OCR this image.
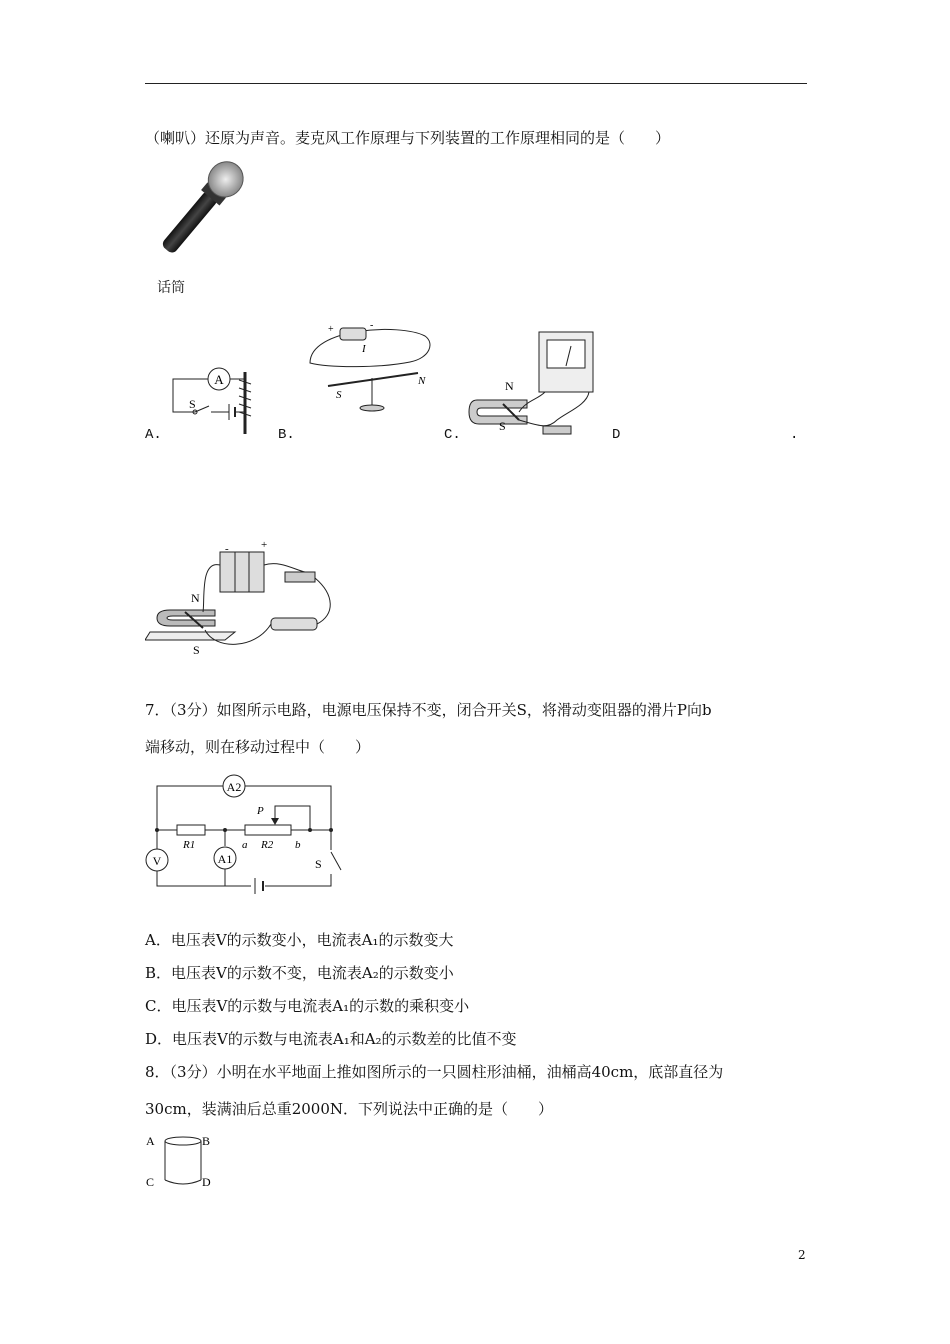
（喇叭）还原为声音。麦克风工作原理与下列装置的工作原理相同的是（　　）
话筒
A.	B.	C.	D	.
A
S
+	-
I
S
N	N
S
-	+
N
S
7．（3分）如图所示电路，电源电压保持不变，闭合开关S，将滑动变阻器的滑片P向b
端移动，则在移动过程中（　　）
A2
R1	R2
a	b
P
V	A1	S
A．电压表V的示数变小，电流表A₁的示数变大
B．电压表V的示数不变，电流表A₂的示数变小
C．电压表V的示数与电流表A₁的示数的乘积变小
D．电压表V的示数与电流表A₁和A₂的示数差的比值不变
8．（3分）小明在水平地面上推如图所示的一只圆柱形油桶，油桶高40cm，底部直径为
30cm，装满油后总重2000N．下列说法中正确的是（　　）
A	B
C	D
2
